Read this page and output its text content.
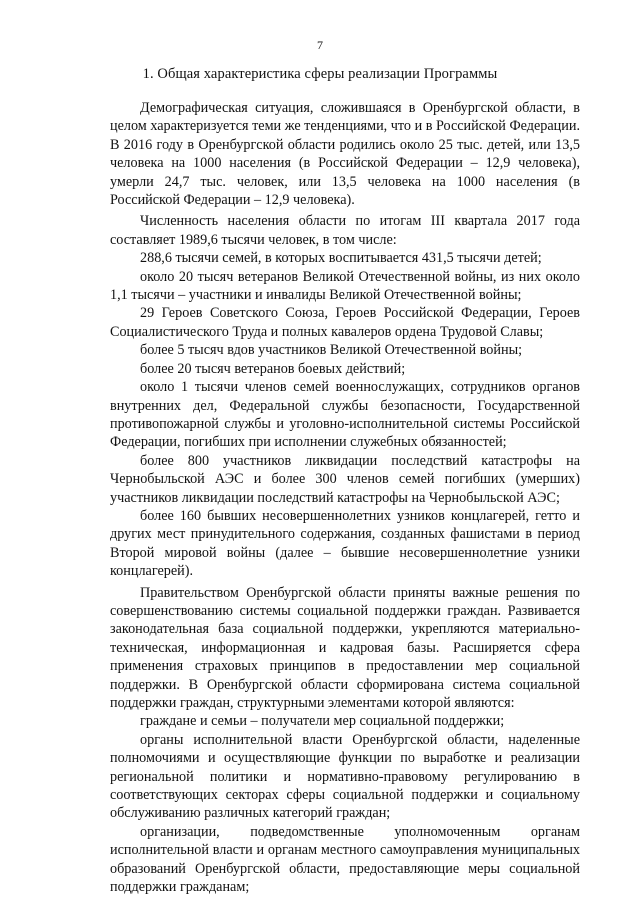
7
1. Общая характеристика сферы реализации Программы

Демографическая ситуация, сложившаяся в Оренбургской области, в целом характеризуется теми же тенденциями, что и в Российской Федерации. В 2016 году в Оренбургской области родились около 25 тыс. детей, или 13,5 человека на 1000 населения (в Российской Федерации – 12,9 человека), умерли 24,7 тыс. человек, или 13,5 человека на 1000 населения (в Российской Федерации – 12,9 человека).

Численность населения области по итогам III квартала 2017 года составляет 1989,6 тысячи человек, в том числе:

288,6 тысячи семей, в которых воспитывается 431,5 тысячи детей;

около 20 тысяч ветеранов Великой Отечественной войны, из них около 1,1 тысячи – участники и инвалиды Великой Отечественной войны;

29 Героев Советского Союза, Героев Российской Федерации, Героев Социалистического Труда и полных кавалеров ордена Трудовой Славы;

более 5 тысяч вдов участников Великой Отечественной войны;

более 20 тысяч ветеранов боевых действий;

около 1 тысячи членов семей военнослужащих, сотрудников органов внутренних дел, Федеральной службы безопасности, Государственной противопожарной службы и уголовно-исполнительной системы Российской Федерации, погибших при исполнении служебных обязанностей;

более 800 участников ликвидации последствий катастрофы на Чернобыльской АЭС и более 300 членов семей погибших (умерших) участников ликвидации последствий катастрофы на Чернобыльской АЭС;

более 160 бывших несовершеннолетних узников концлагерей, гетто и других мест принудительного содержания, созданных фашистами в период Второй мировой войны (далее – бывшие несовершеннолетние узники концлагерей).

Правительством Оренбургской области приняты важные решения по совершенствованию системы социальной поддержки граждан. Развивается законодательная база социальной поддержки, укрепляются материально-техническая, информационная и кадровая базы. Расширяется сфера применения страховых принципов в предоставлении мер социальной поддержки. В Оренбургской области сформирована система социальной поддержки граждан, структурными элементами которой являются:

граждане и семьи – получатели мер социальной поддержки;

органы исполнительной власти Оренбургской области, наделенные полномочиями и осуществляющие функции по выработке и реализации региональной политики и нормативно-правовому регулированию в соответствующих секторах сферы социальной поддержки и социальному обслуживанию различных категорий граждан;

организации, подведомственные уполномоченным органам исполнительной власти и органам местного самоуправления муниципальных образований Оренбургской области, предоставляющие меры социальной поддержки гражданам;
